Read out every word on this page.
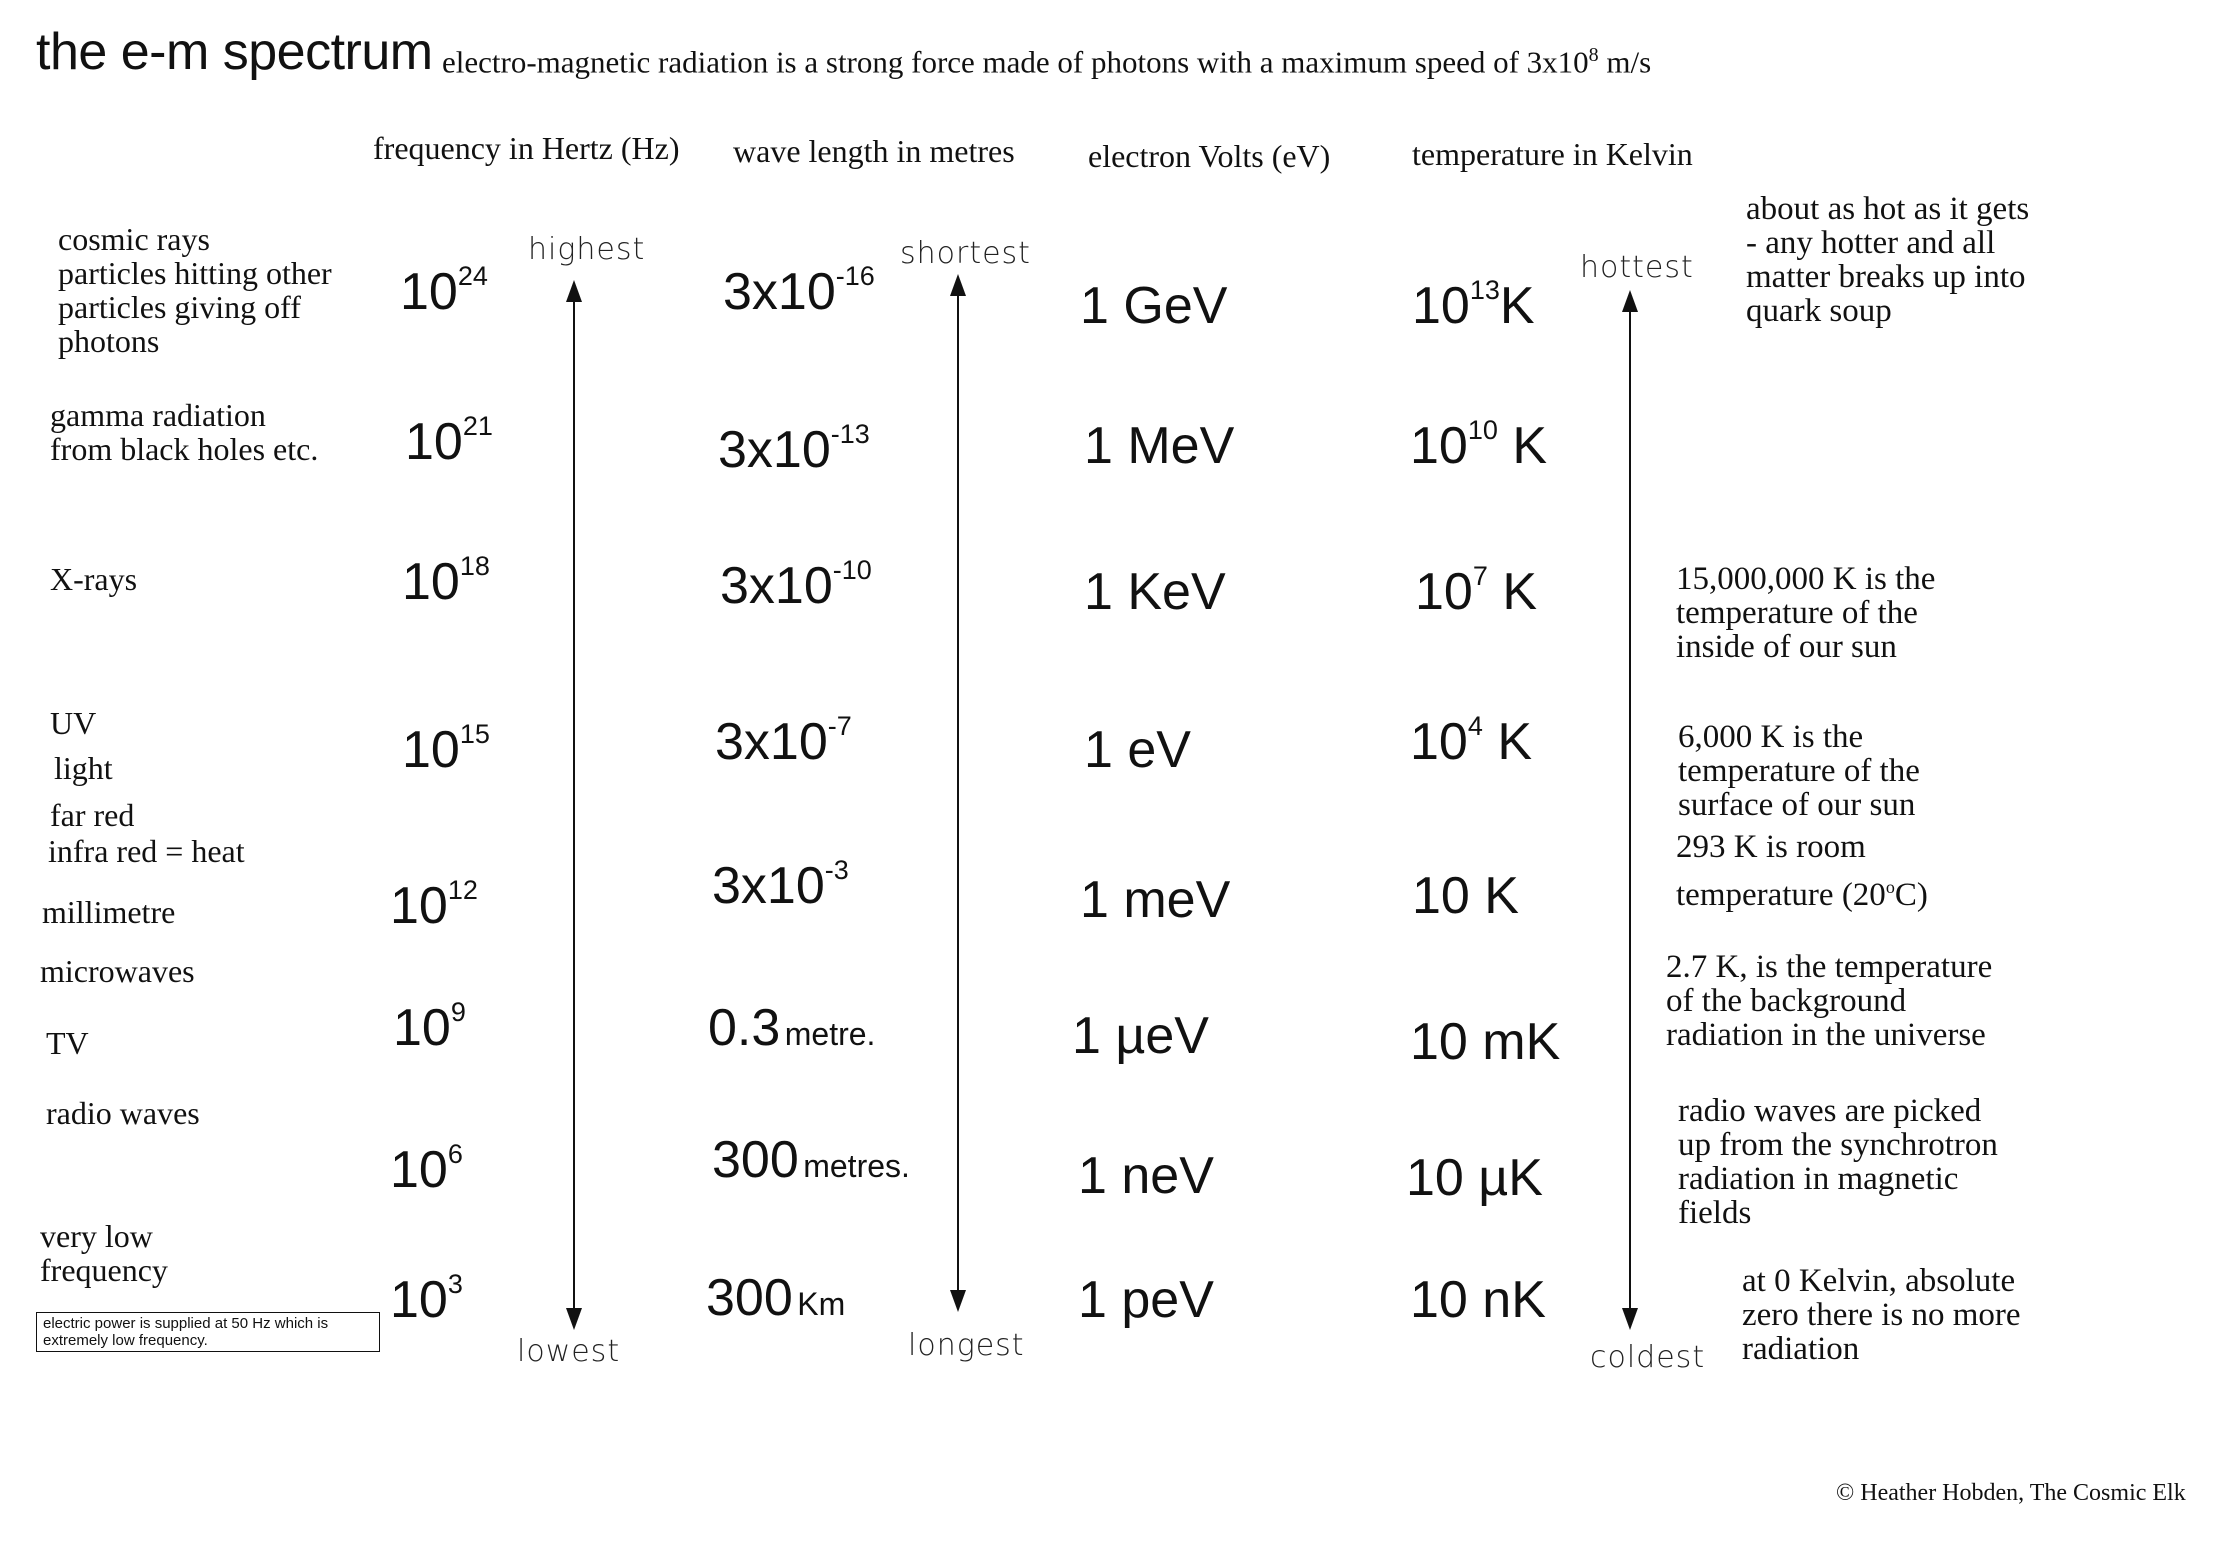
the e-m spectrum electro-magnetic radiation is a strong force made of photons with a maximum speed of $3x10^8$ m/s
frequency in Hertz (Hz) wave length in metres electron Volts (eV)	temperature in Kelvin
cosmic rays
particles hitting other
particles giving off
photons
gamma radiation
from black holes etc.
X-rays
UV
light
far red
infra red = heat
millimetre
microwaves
TV
radio waves
very low
frequency
electric power is supplied at 50 Hz which is extremely low frequency.
$10^{24}$
$10^{21}$
$10^{18}$
$10^{15}$
$10^{12}$
$10^9$
$10^6$
$10^3$
highest
lowest
$3x10^{-16}$
$3x10^{-13}$
$3x10^{-10}$
$3x10^{-7}$
$3x10^{-3}$
0.3 metre.
300 metres.
300 Km
shortest
longest
1 GeV
1 MeV
1 KeV
1 eV
1 meV
1 µeV
1 neV
1 peV
$10^{13}K$
$10^{10}$ K
$10^7$ K
$10^4$ K
10 K
10 mK
10 µK
10 nK
hottest
coldest
about as hot as it gets
- any hotter and all
matter breaks up into
quark soup
15,000,000 K is the
temperature of the
inside of our sun
6,000 K is the
temperature of the
surface of our sun
293 K is room
temperature (20$^o$C)
2.7 K, is the temperature
of the background
radiation in the universe
radio waves are picked
up from the synchrotron
radiation in magnetic
fields
at 0 Kelvin, absolute
zero there is no more
radiation
© Heather Hobden, The Cosmic Elk
